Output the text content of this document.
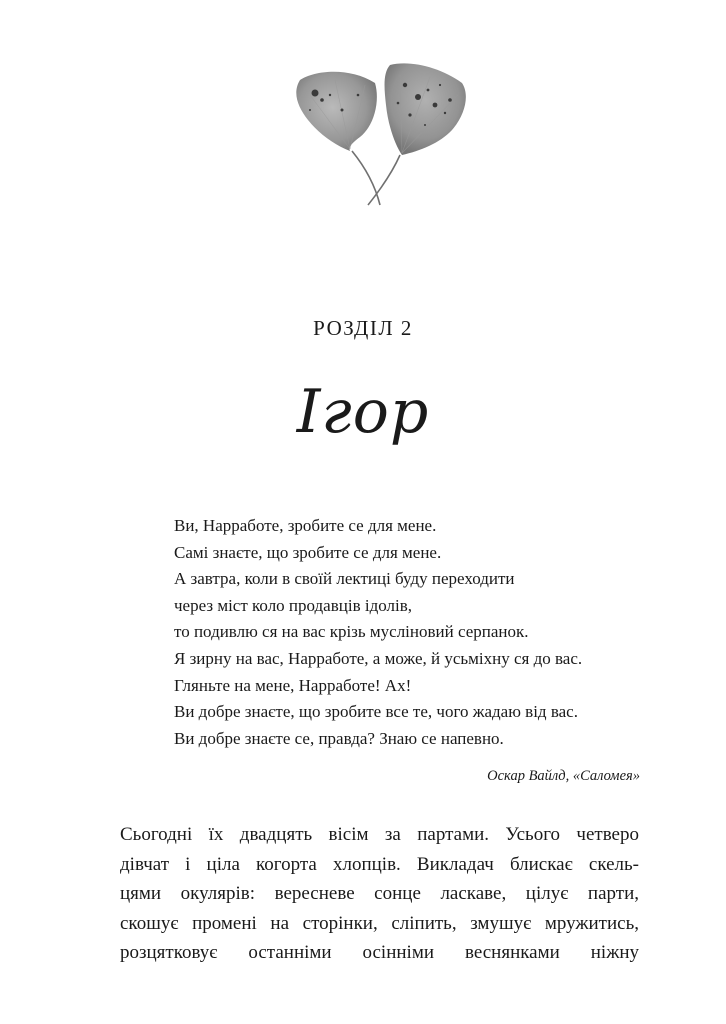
РОЗДІЛ 2
Ігор
Ви, Нарработе, зробите се для мене.
Самі знаєте, що зробите се для мене.
А завтра, коли в своїй лектиці буду переходити
через міст коло продавців ідолів,
то подивлю ся на вас крізь мусліновий серпанок.
Я зирну на вас, Нарработе, а може, й усьміхну ся до вас.
Гляньте на мене, Нарработе! Ах!
Ви добре знаєте, що зробите все те, чого жадаю від вас.
Ви добре знаєте се, правда? Знаю се напевно.
Оскар Вайлд, «Саломея»
Сьогодні їх двадцять вісім за партами. Усього четверо
дівчат і ціла когорта хлопців. Викладач блискає скель-
цями окулярів: вересневе сонце ласкаве, цілує парти,
скошує промені на сторінки, сліпить, змушує мружитись,
розцятковує останніми осінніми веснянками ніжну
